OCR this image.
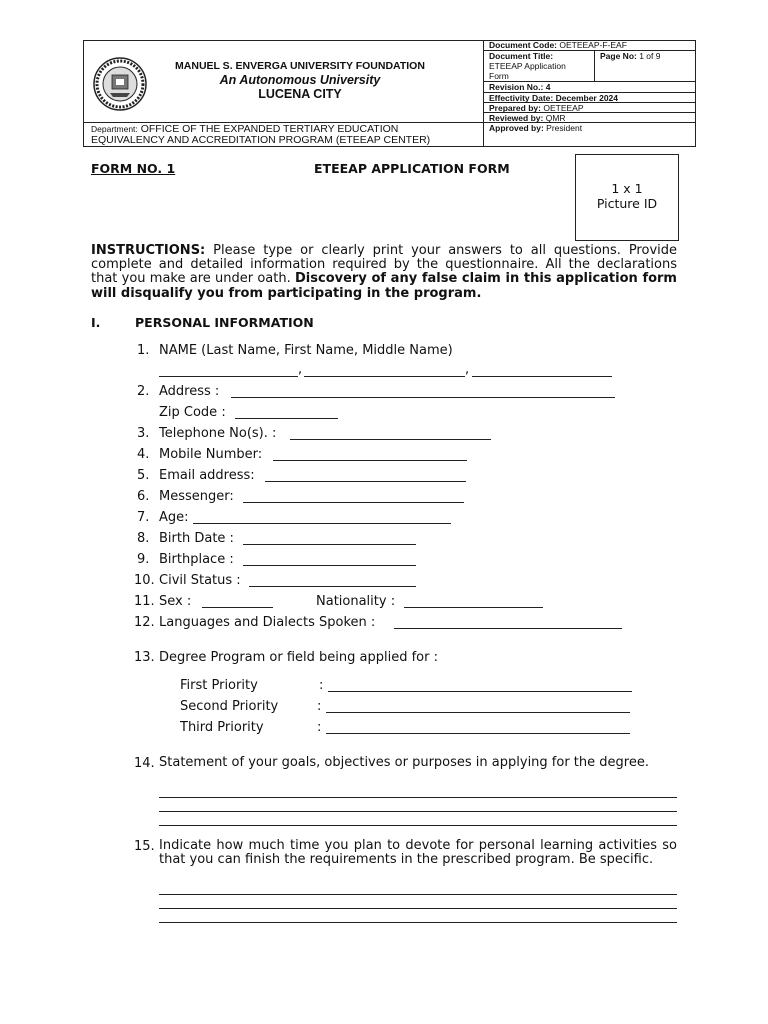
MANUEL S. ENVERGA UNIVERSITY FOUNDATION
An Autonomous University
LUCENA CITY
Department: OFFICE OF THE EXPANDED TERTIARY EDUCATION
EQUIVALENCY AND ACCREDITATION PROGRAM (ETEEAP CENTER)
Document Code: OETEEAP-F-EAF
Document Title:
ETEEAP Application
Form
Page No: 1 of 9
Revision No.: 4
Effectivity Date: December 2024
Prepared by: OETEEAP
Reviewed by: QMR
Approved by: President
FORM NO. 1	ETEEAP APPLICATION FORM
1 x 1
Picture ID
INSTRUCTIONS: Please type or clearly print your answers to all questions. Provide complete and detailed information required by the questionnaire. All the declarations that you make are under oath. Discovery of any false claim in this application form will disqualify you from participating in the program.
I.	PERSONAL INFORMATION
1. NAME (Last Name, First Name, Middle Name)
,	,
2. Address :
Zip Code :
3. Telephone No(s). :
4. Mobile Number:
5. Email address:
6. Messenger:
7. Age:
8. Birth Date :
9. Birthplace :
10. Civil Status :
11. Sex :	Nationality :
12. Languages and Dialects Spoken :
13. Degree Program or field being applied for :
First Priority	:
Second Priority	:
Third Priority	:
14. Statement of your goals, objectives or purposes in applying for the degree.
15. Indicate how much time you plan to devote for personal learning activities so that you can finish the requirements in the prescribed program. Be specific.
